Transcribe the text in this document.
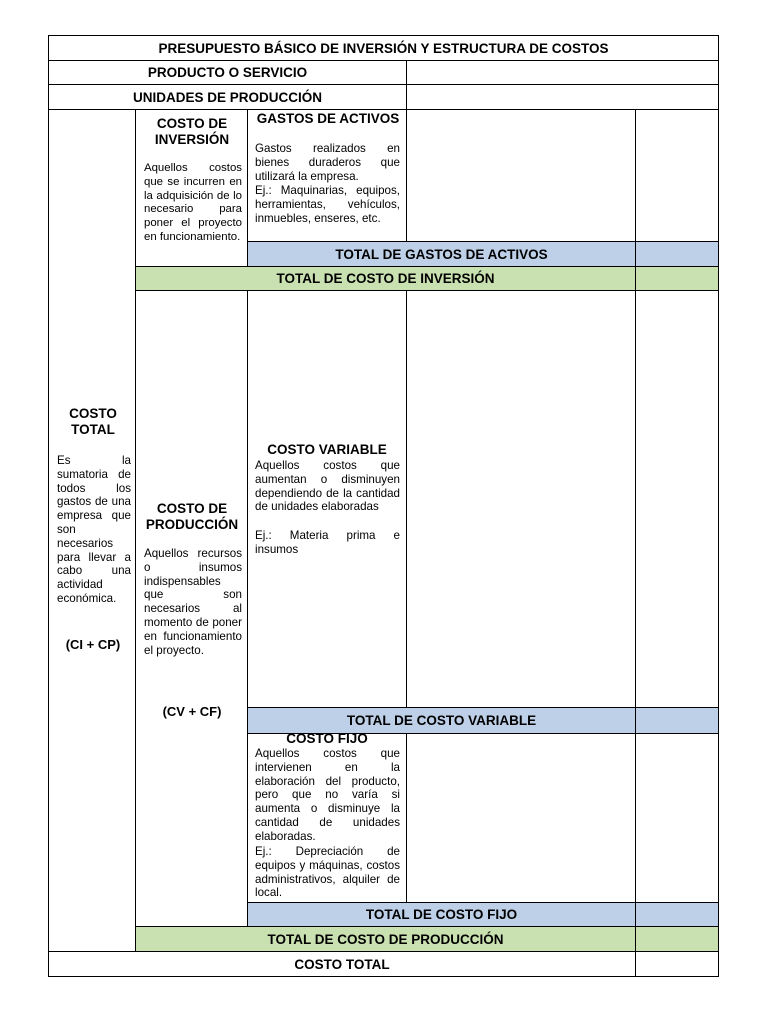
PRESUPUESTO BÁSICO DE INVERSIÓN Y ESTRUCTURA DE COSTOS
PRODUCTO O SERVICIO
UNIDADES DE PRODUCCIÓN
COSTO TOTAL
Es la sumatoria de todos los gastos de una empresa que son necesarios para llevar a cabo una actividad económica.
(CI + CP)
COSTO DE INVERSIÓN
Aquellos costos que se incurren en la adquisición de lo necesario para poner el proyecto en funcionamiento.
GASTOS DE ACTIVOS
Gastos realizados en bienes duraderos que utilizará la empresa.
Ej.: Maquinarias, equipos, herramientas, vehículos, inmuebles, enseres, etc.
TOTAL DE GASTOS DE ACTIVOS
TOTAL DE COSTO DE INVERSIÓN
COSTO DE PRODUCCIÓN
Aquellos recursos o insumos indispensables que son necesarios al momento de poner en funcionamiento el proyecto.
(CV + CF)
COSTO VARIABLE
Aquellos costos que aumentan o disminuyen dependiendo de la cantidad de unidades elaboradas
Ej.: Materia prima e insumos
TOTAL DE COSTO VARIABLE
COSTO FIJO
Aquellos costos que intervienen en la elaboración del producto, pero que no varía si aumenta o disminuye la cantidad de unidades elaboradas.
Ej.: Depreciación de equipos y máquinas, costos administrativos, alquiler de local.
TOTAL DE COSTO FIJO
TOTAL DE COSTO DE PRODUCCIÓN
COSTO TOTAL
